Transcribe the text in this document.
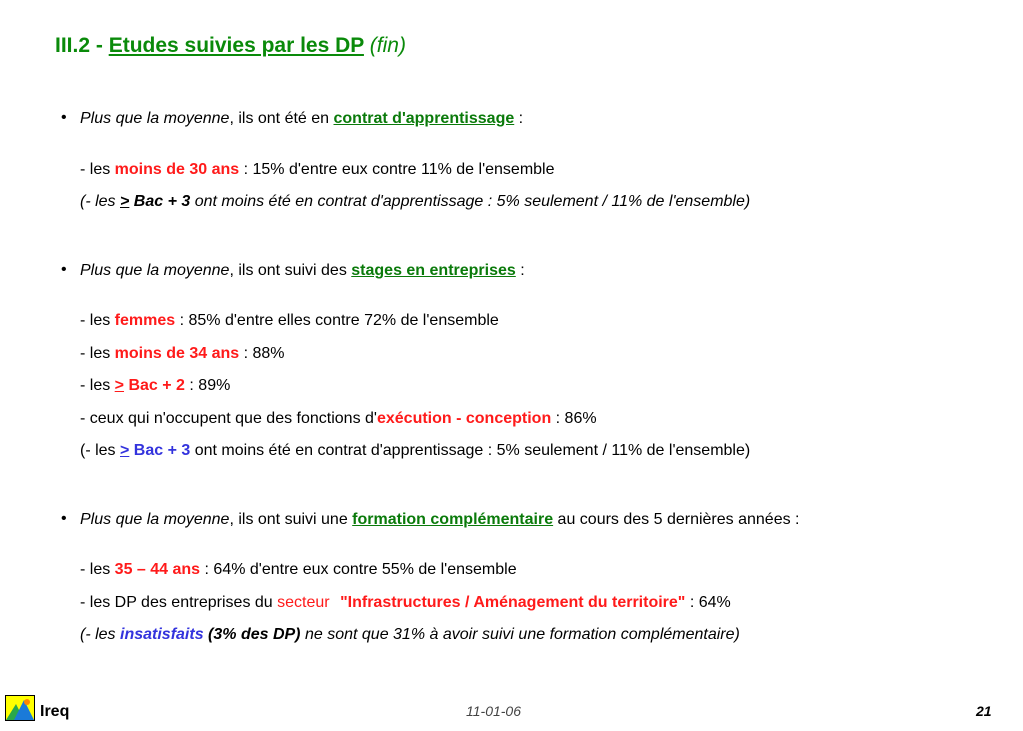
III.2 - Etudes suivies par les DP (fin)
• Plus que la moyenne, ils ont été en contrat d'apprentissage :
- les moins de 30 ans : 15% d'entre eux contre 11% de l'ensemble
(- les > Bac + 3 ont moins été en contrat d'apprentissage : 5% seulement / 11% de l'ensemble)
• Plus que la moyenne, ils ont suivi des stages en entreprises :
- les femmes : 85% d'entre elles contre 72% de l'ensemble
- les moins de 34 ans : 88%
- les > Bac + 2 : 89%
- ceux qui n'occupent que des fonctions d'exécution - conception : 86%
(- les > Bac + 3 ont moins été en contrat d'apprentissage : 5% seulement / 11% de l'ensemble)
• Plus que la moyenne, ils ont suivi une formation complémentaire au cours des 5 dernières années :
- les 35 – 44 ans : 64% d'entre eux contre 55% de l'ensemble
- les DP des entreprises du secteur "Infrastructures / Aménagement du territoire" : 64%
(- les insatisfaits (3% des DP) ne sont que 31% à avoir suivi une formation complémentaire)
Ireq	11-01-06	21
